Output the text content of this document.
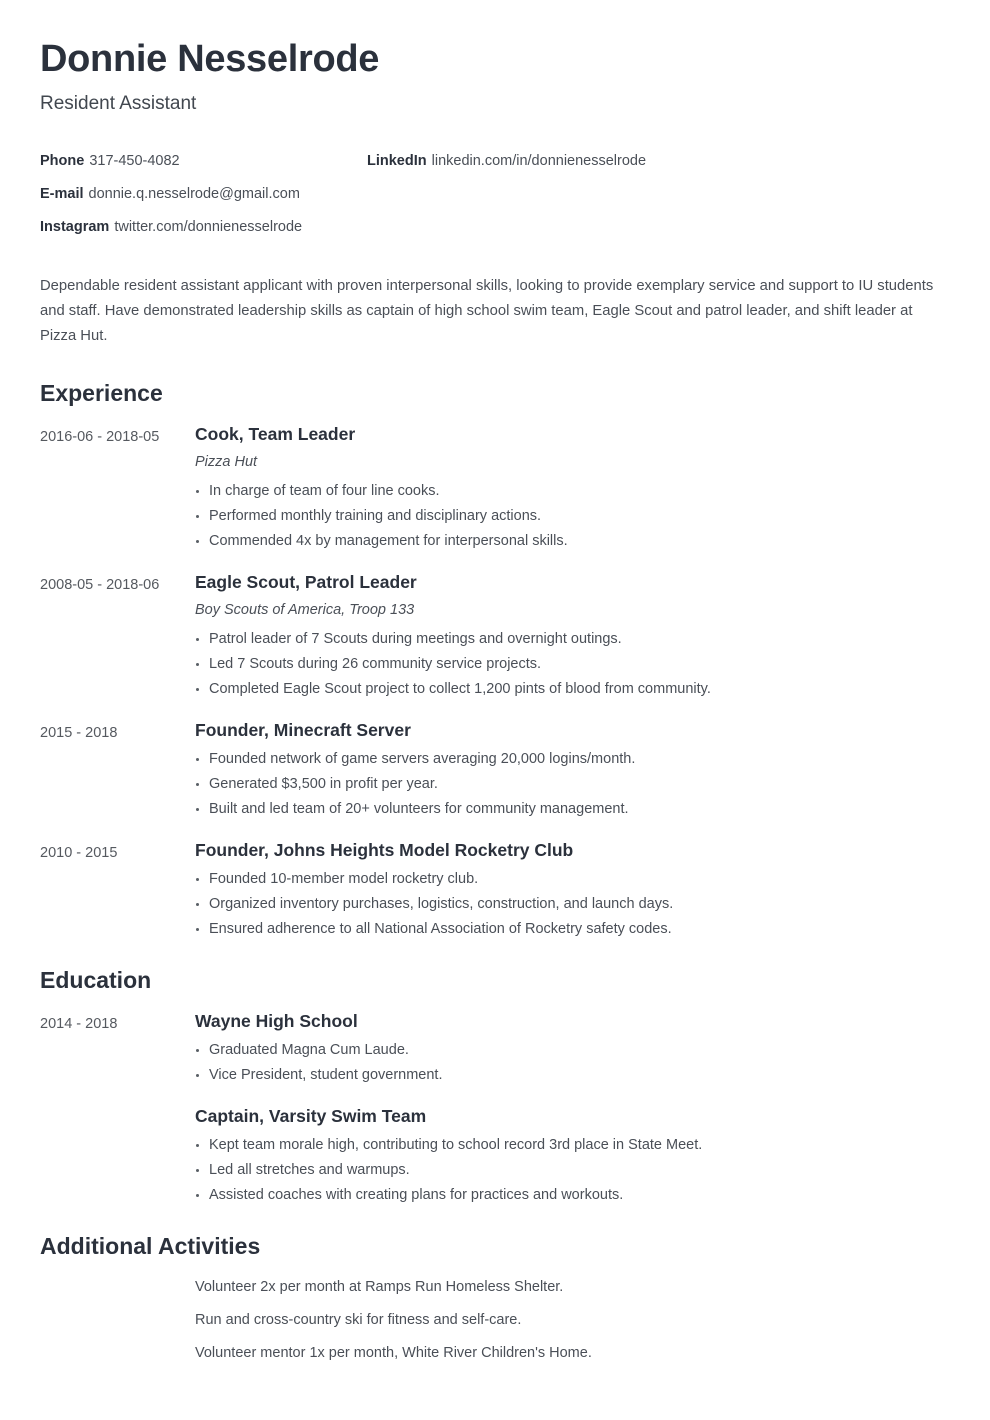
Donnie Nesselrode
Resident Assistant
Phone 317-450-4082	LinkedIn linkedin.com/in/donnienesselrode
E-mail donnie.q.nesselrode@gmail.com
Instagram twitter.com/donnienesselrode

Dependable resident assistant applicant with proven interpersonal skills, looking to provide exemplary service and support to IU students and staff. Have demonstrated leadership skills as captain of high school swim team, Eagle Scout and patrol leader, and shift leader at Pizza Hut.

Experience
2016-06 - 2018-05	Cook, Team Leader
Pizza Hut
In charge of team of four line cooks.
Performed monthly training and disciplinary actions.
Commended 4x by management for interpersonal skills.
2008-05 - 2018-06	Eagle Scout, Patrol Leader
Boy Scouts of America, Troop 133
Patrol leader of 7 Scouts during meetings and overnight outings.
Led 7 Scouts during 26 community service projects.
Completed Eagle Scout project to collect 1,200 pints of blood from community.
2015 - 2018	Founder, Minecraft Server
Founded network of game servers averaging 20,000 logins/month.
Generated $3,500 in profit per year.
Built and led team of 20+ volunteers for community management.
2010 - 2015	Founder, Johns Heights Model Rocketry Club
Founded 10-member model rocketry club.
Organized inventory purchases, logistics, construction, and launch days.
Ensured adherence to all National Association of Rocketry safety codes.
Education
2014 - 2018	Wayne High School
Graduated Magna Cum Laude.
Vice President, student government.
Captain, Varsity Swim Team
Kept team morale high, contributing to school record 3rd place in State Meet.
Led all stretches and warmups.
Assisted coaches with creating plans for practices and workouts.
Additional Activities
Volunteer 2x per month at Ramps Run Homeless Shelter.
Run and cross-country ski for fitness and self-care.
Volunteer mentor 1x per month, White River Children's Home.
